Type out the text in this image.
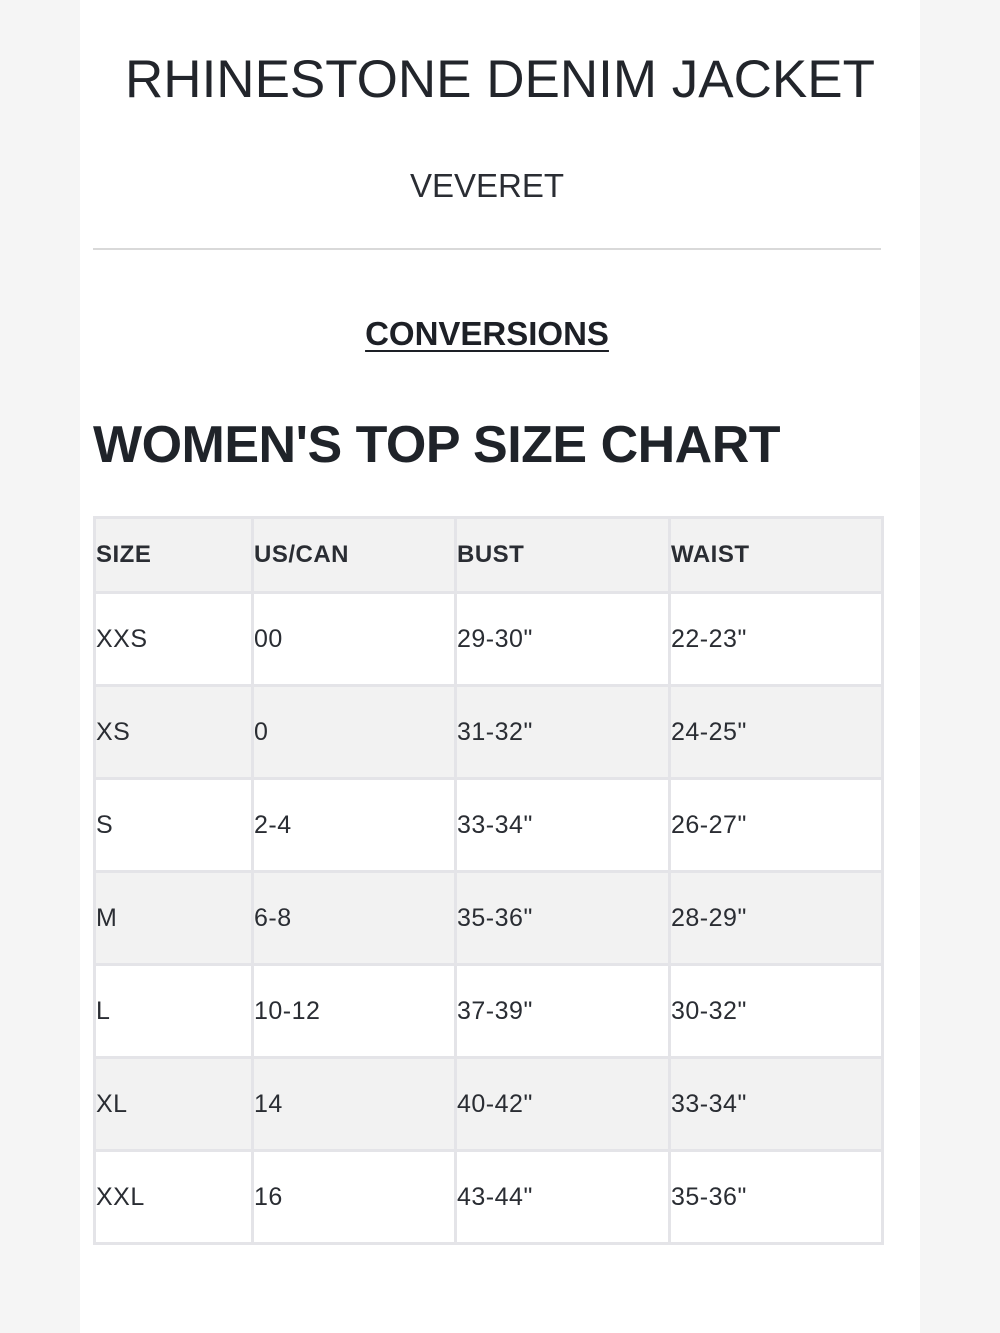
RHINESTONE DENIM JACKET
VEVERET
CONVERSIONS
WOMEN'S TOP SIZE CHART
SIZE	US/CAN	BUST	WAIST
XXS	00	29-30"	22-23"
XS	0	31-32"	24-25"
S	2-4	33-34"	26-27"
M	6-8	35-36"	28-29"
L	10-12	37-39"	30-32"
XL	14	40-42"	33-34"
XXL	16	43-44"	35-36"
